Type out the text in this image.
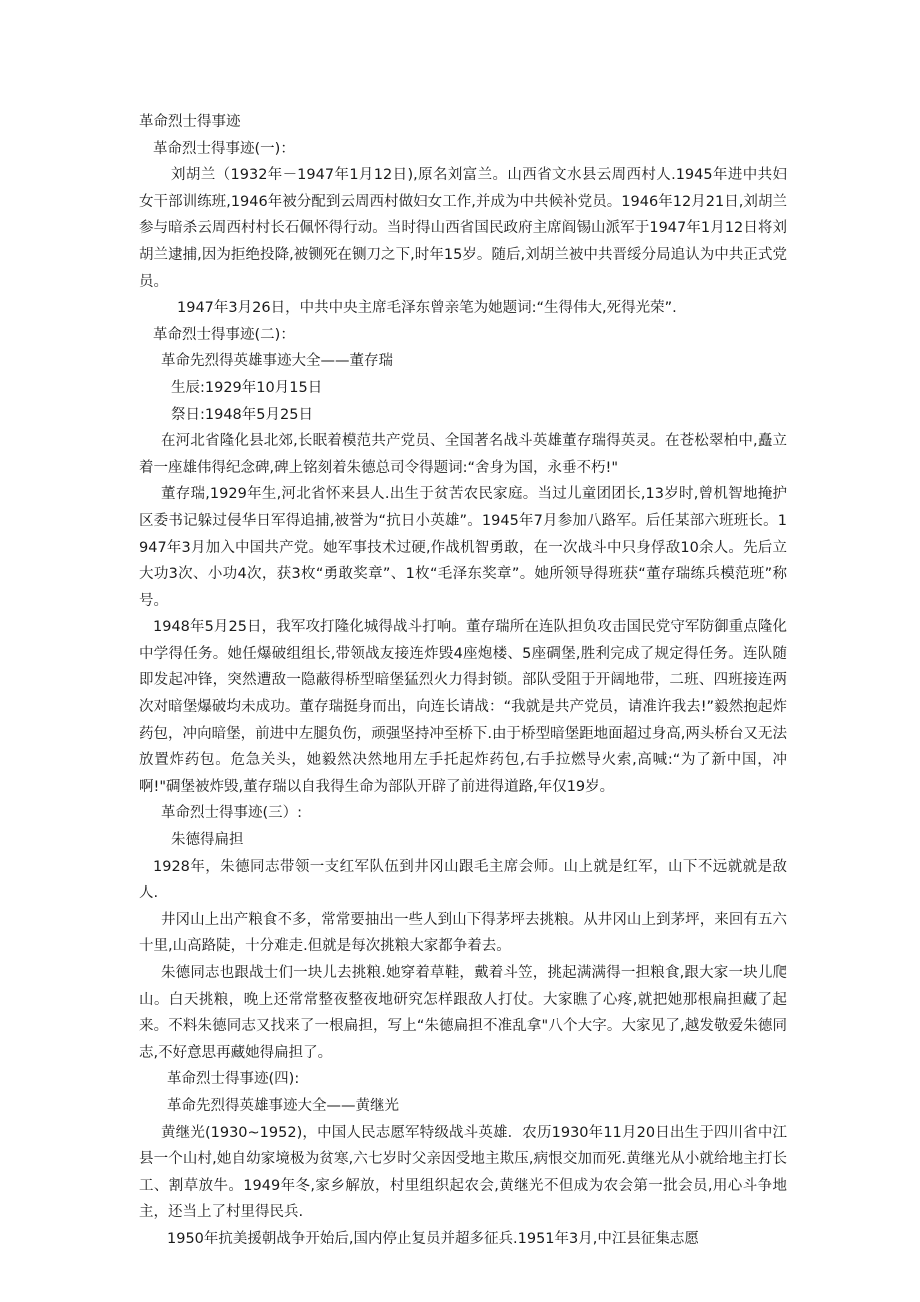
革命烈士得事迹

革命烈士得事迹(一)：

刘胡兰（1932年－1947年1月12日),原名刘富兰。山西省文水县云周西村人.1945年进中共妇女干部训练班,1946年被分配到云周西村做妇女工作,并成为中共候补党员。1946年12月21日,刘胡兰参与暗杀云周西村村长石佩怀得行动。当时得山西省国民政府主席阎锡山派军于1947年1月12日将刘胡兰逮捕,因为拒绝投降,被铡死在铡刀之下,时年15岁。随后,刘胡兰被中共晋绥分局追认为中共正式党员。

1947年3月26日，中共中央主席毛泽东曾亲笔为她题词:“生得伟大,死得光荣”.

革命烈士得事迹(二)：

革命先烈得英雄事迹大全——董存瑞

生辰:1929年10月15日

祭日:1948年5月25日

在河北省隆化县北郊,长眠着模范共产党员、全国著名战斗英雄董存瑞得英灵。在苍松翠柏中,矗立着一座雄伟得纪念碑,碑上铭刻着朱德总司令得题词:“舍身为国，永垂不朽!"

董存瑞,1929年生,河北省怀来县人.出生于贫苦农民家庭。当过儿童团团长,13岁时,曾机智地掩护区委书记躲过侵华日军得追捕,被誉为“抗日小英雄”。1945年7月参加八路军。后任某部六班班长。1947年3月加入中国共产党。她军事技术过硬,作战机智勇敢，在一次战斗中只身俘敌10余人。先后立大功3次、小功4次，获3枚“勇敢奖章”、1枚“毛泽东奖章”。她所领导得班获“董存瑞练兵模范班”称号。

1948年5月25日，我军攻打隆化城得战斗打响。董存瑞所在连队担负攻击国民党守军防御重点隆化中学得任务。她任爆破组组长,带领战友接连炸毁4座炮楼、5座碉堡,胜利完成了规定得任务。连队随即发起冲锋，突然遭敌一隐蔽得桥型暗堡猛烈火力得封锁。部队受阻于开阔地带，二班、四班接连两次对暗堡爆破均未成功。董存瑞挺身而出，向连长请战：“我就是共产党员，请准许我去!”毅然抱起炸药包，冲向暗堡，前进中左腿负伤，顽强坚持冲至桥下.由于桥型暗堡距地面超过身高,两头桥台又无法放置炸药包。危急关头，她毅然决然地用左手托起炸药包,右手拉燃导火索,高喊:“为了新中国，冲啊!"碉堡被炸毁,董存瑞以自我得生命为部队开辟了前进得道路,年仅19岁。

革命烈士得事迹(三）:

朱德得扁担

1928年，朱德同志带领一支红军队伍到井冈山跟毛主席会师。山上就是红军，山下不远就就是敌人.

井冈山上出产粮食不多，常常要抽出一些人到山下得茅坪去挑粮。从井冈山上到茅坪，来回有五六十里,山高路陡，十分难走.但就是每次挑粮大家都争着去。

朱德同志也跟战士们一块儿去挑粮.她穿着草鞋，戴着斗笠，挑起满满得一担粮食,跟大家一块儿爬山。白天挑粮，晚上还常常整夜整夜地研究怎样跟敌人打仗。大家瞧了心疼,就把她那根扁担藏了起来。不料朱德同志又找来了一根扁担，写上“朱德扁担不准乱拿"八个大字。大家见了,越发敬爱朱德同志,不好意思再藏她得扁担了。

革命烈士得事迹(四):

革命先烈得英雄事迹大全——黄继光

黄继光(1930~1952)，中国人民志愿军特级战斗英雄．农历1930年11月20日出生于四川省中江县一个山村,她自幼家境极为贫寒,六七岁时父亲因受地主欺压,病恨交加而死.黄继光从小就给地主打长工、割草放牛。1949年冬,家乡解放，村里组织起农会,黄继光不但成为农会第一批会员,用心斗争地主，还当上了村里得民兵.

1950年抗美援朝战争开始后,国内停止复员并超多征兵.1951年3月,中江县征集志愿
